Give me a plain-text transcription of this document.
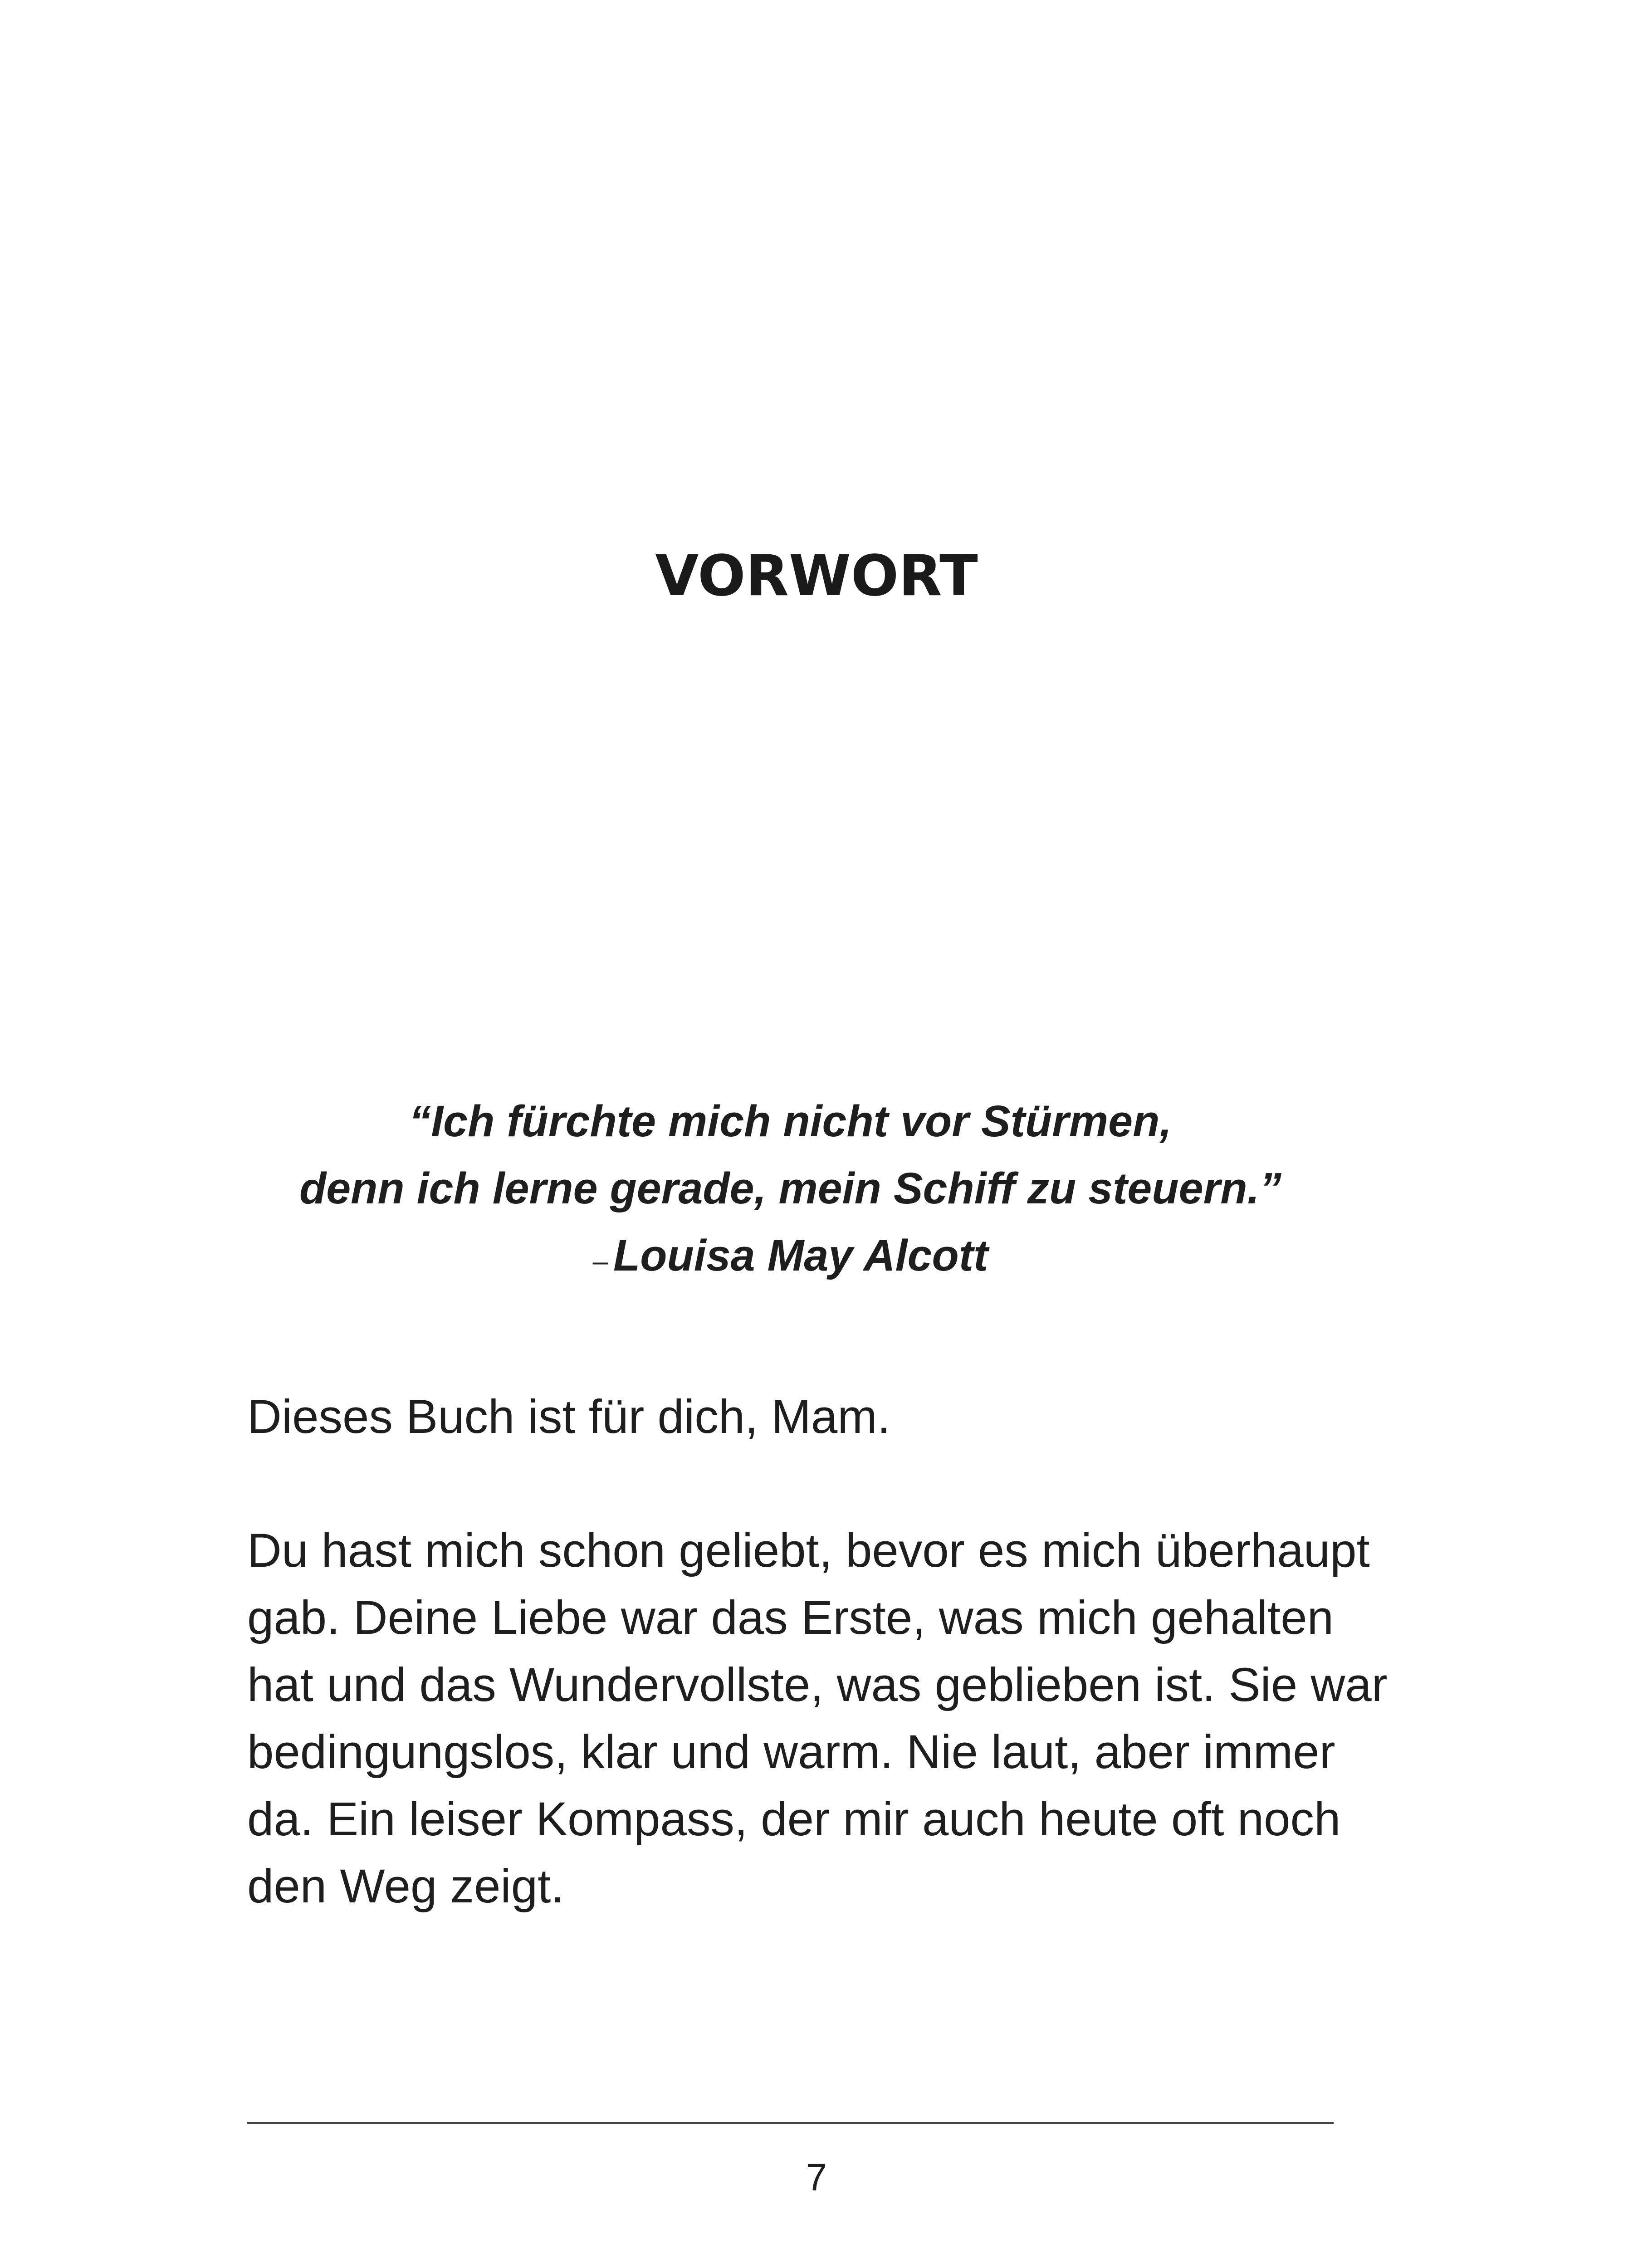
VORWORT
“Ich fürchte mich nicht vor Stürmen,
denn ich lerne gerade, mein Schiff zu steuern.”
– Louisa May Alcott

Dieses Buch ist für dich, Mam.

Du hast mich schon geliebt, bevor es mich überhaupt
gab. Deine Liebe war das Erste, was mich gehalten
hat und das Wundervollste, was geblieben ist. Sie war
bedingungslos, klar und warm. Nie laut, aber immer
da. Ein leiser Kompass, der mir auch heute oft noch
den Weg zeigt.
7
